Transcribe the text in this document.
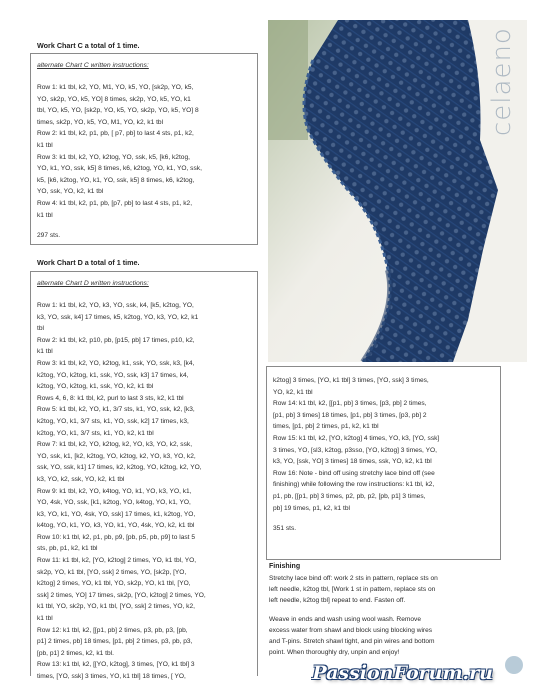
Work Chart C a total of 1 time.
alternate Chart C written instructions:
Row 1: k1 tbl, k2, YO, M1, YO, k5, YO, [sk2p, YO, k5,
YO, sk2p, YO, k5, YO] 8 times, sk2p, YO, k5, YO, k1
tbl, YO, k5, YO, [sk2p, YO, k5, YO, sk2p, YO, k5, YO] 8
times, sk2p, YO, k5, YO, M1, YO, k2, k1 tbl
Row 2: k1 tbl, k2, p1, pb, [ p7, pb] to last 4 sts, p1, k2,
k1 tbl
Row 3: k1 tbl, k2, YO, k2tog, YO, ssk, k5, [k6, k2tog,
YO, k1, YO, ssk, k5] 8 times, k6, k2tog, YO, k1, YO, ssk,
k5, [k6, k2tog, YO, k1, YO, ssk, k5] 8 times, k6, k2tog,
YO, ssk, YO, k2, k1 tbl
Row 4: k1 tbl, k2, p1, pb, [p7, pb] to last 4 sts, p1, k2,
k1 tbl
297 sts.
Work Chart D a total of 1 time.
alternate Chart D written instructions:
Row 1: k1 tbl, k2, YO, k3, YO, ssk, k4, [k5, k2tog, YO,
k3, YO, ssk, k4] 17 times, k5, k2tog, YO, k3, YO, k2, k1
tbl
Row 2: k1 tbl, k2, p10, pb, [p15, pb] 17 times, p10, k2,
k1 tbl
Row 3: k1 tbl, k2, YO, k2tog, k1, ssk, YO, ssk, k3, [k4,
k2tog, YO, k2tog, k1, ssk, YO, ssk, k3] 17 times, k4,
k2tog, YO, k2tog, k1, ssk, YO, k2, k1 tbl
Rows 4, 6, 8: k1 tbl, k2, purl to last 3 sts, k2, k1 tbl
Row 5: k1 tbl, k2, YO, k1, 3/7 sts, k1, YO, ssk, k2, [k3,
k2tog, YO, k1, 3/7 sts, k1, YO, ssk, k2] 17 times, k3,
k2tog, YO, k1, 3/7 sts, k1, YO, k2, k1 tbl
Row 7: k1 tbl, k2, YO, k2tog, k2, YO, k3, YO, k2, ssk,
YO, ssk, k1, [k2, k2tog, YO, k2tog, k2, YO, k3, YO, k2,
ssk, YO, ssk, k1] 17 times, k2, k2tog, YO, k2tog, k2, YO,
k3, YO, k2, ssk, YO, k2, k1 tbl
Row 9: k1 tbl, k2, YO, k4tog, YO, k1, YO, k3, YO, k1,
YO, 4sk, YO, ssk, [k1, k2tog, YO, k4tog, YO, k1, YO,
k3, YO, k1, YO, 4sk, YO, ssk] 17 times, k1, k2tog, YO,
k4tog, YO, k1, YO, k3, YO, k1, YO, 4sk, YO, k2, k1 tbl
Row 10: k1 tbl, k2, p1, pb, p9, [pb, p5, pb, p9] to last 5
sts, pb, p1, k2, k1 tbl
Row 11: k1 tbl, k2, [YO, k2tog] 2 times, YO, k1 tbl, YO,
sk2p, YO, k1 tbl, [YO, ssk] 2 times, YO, [sk2p, [YO,
k2tog] 2 times, YO, k1 tbl, YO, sk2p, YO, k1 tbl, [YO,
ssk] 2 times, YO] 17 times, sk2p, [YO, k2tog] 2 times, YO,
k1 tbl, YO, sk2p, YO, k1 tbl, [YO, ssk] 2 times, YO, k2,
k1 tbl
Row 12: k1 tbl, k2, [[p1, pb] 2 times, p3, pb, p3, [pb,
p1] 2 times, pb] 18 times, [p1, pb] 2 times, p3, pb, p3,
[pb, p1] 2 times, k2, k1 tbl.
Row 13: k1 tbl, k2, [[YO, k2tog], 3 times, [YO, k1 tbl] 3
times, [YO, ssk] 3 times, YO, k1 tbl] 18 times, [ YO,
celaeno
k2tog] 3 times, [YO, k1 tbl] 3 times, [YO, ssk] 3 times,
YO, k2, k1 tbl
Row 14: k1 tbl, k2, [[p1, pb] 3 times, [p3, pb] 2 times,
[p1, pb] 3 times] 18 times, [p1, pb] 3 times, [p3, pb] 2
times, [p1, pb] 2 times, p1, k2, k1 tbl
Row 15: k1 tbl, k2, [YO, k2tog] 4 times, YO, k3, [YO, ssk]
3 times, YO, [sl3, k2tog, p3sso, [YO, k2tog] 3 times, YO,
k3, YO, [ssk, YO] 3 times] 18 times, ssk, YO, k2, k1 tbl
Row 16: Note - bind off using stretchy lace bind off (see
finishing) while following the row instructions: k1 tbl, k2,
p1, pb, [[p1, pb] 3 times, p2, pb, p2, [pb, p1] 3 times,
pb] 19 times, p1, k2, k1 tbl
351 sts.
Finishing
Stretchy lace bind off: work 2 sts in pattern, replace sts on
left needle, k2tog tbl, [Work 1 st in pattern, replace sts on
left needle, k2tog tbl] repeat to end. Fasten off.
Weave in ends and wash using wool wash. Remove
excess water from shawl and block using blocking wires
and T-pins. Stretch shawl tight, and pin wires and bottom
point. When thoroughly dry, unpin and enjoy!
PassionForum.ru
